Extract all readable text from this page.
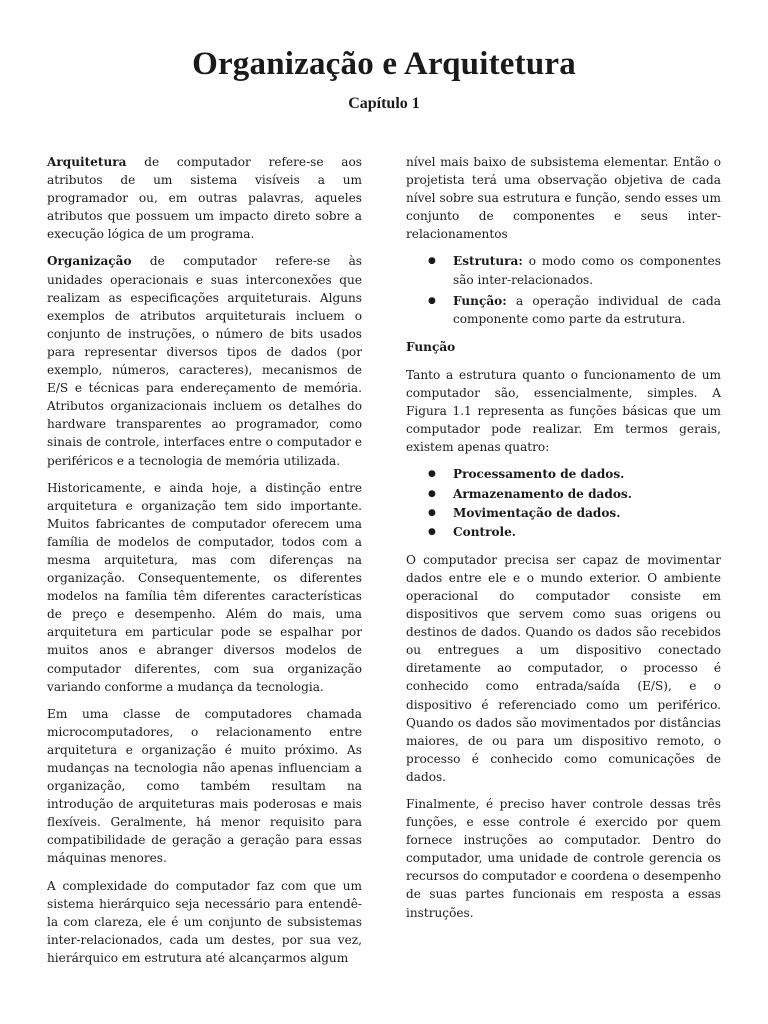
Organização e Arquitetura
Capítulo 1

Arquitetura de computador refere-se aos atributos de um sistema visíveis a um programador ou, em outras palavras, aqueles atributos que possuem um impacto direto sobre a execução lógica de um programa.

Organização de computador refere-se às unidades operacionais e suas interconexões que realizam as especificações arquiteturais. Alguns exemplos de atributos arquiteturais incluem o conjunto de instruções, o número de bits usados para representar diversos tipos de dados (por exemplo, números, caracteres), mecanismos de E/S e técnicas para endereçamento de memória. Atributos organizacionais incluem os detalhes do hardware transparentes ao programador, como sinais de controle, interfaces entre o computador e periféricos e a tecnologia de memória utilizada.

Historicamente, e ainda hoje, a distinção entre arquitetura e organização tem sido importante. Muitos fabricantes de computador oferecem uma família de modelos de computador, todos com a mesma arquitetura, mas com diferenças na organização. Consequentemente, os diferentes modelos na família têm diferentes características de preço e desempenho. Além do mais, uma arquitetura em particular pode se espalhar por muitos anos e abranger diversos modelos de computador diferentes, com sua organização variando conforme a mudança da tecnologia.

Em uma classe de computadores chamada microcomputadores, o relacionamento entre arquitetura e organização é muito próximo. As mudanças na tecnologia não apenas influenciam a organização, como também resultam na introdução de arquiteturas mais poderosas e mais flexíveis. Geralmente, há menor requisito para compatibilidade de geração a geração para essas máquinas menores.

A complexidade do computador faz com que um sistema hierárquico seja necessário para entendê-la com clareza, ele é um conjunto de subsistemas inter-relacionados, cada um destes, por sua vez, hierárquico em estrutura até alcançarmos algum

nível mais baixo de subsistema elementar. Então o projetista terá uma observação objetiva de cada nível sobre sua estrutura e função, sendo esses um conjunto de componentes e seus inter-relacionamentos

● Estrutura: o modo como os componentes são inter-relacionados.
● Função: a operação individual de cada componente como parte da estrutura.
Função

Tanto a estrutura quanto o funcionamento de um computador são, essencialmente, simples. A Figura 1.1 representa as funções básicas que um computador pode realizar. Em termos gerais, existem apenas quatro:

● Processamento de dados.
● Armazenamento de dados.
● Movimentação de dados.
● Controle.

O computador precisa ser capaz de movimentar dados entre ele e o mundo exterior. O ambiente operacional do computador consiste em dispositivos que servem como suas origens ou destinos de dados. Quando os dados são recebidos ou entregues a um dispositivo conectado diretamente ao computador, o processo é conhecido como entrada/saída (E/S), e o dispositivo é referenciado como um periférico. Quando os dados são movimentados por distâncias maiores, de ou para um dispositivo remoto, o processo é conhecido como comunicações de dados.

Finalmente, é preciso haver controle dessas três funções, e esse controle é exercido por quem fornece instruções ao computador. Dentro do computador, uma unidade de controle gerencia os recursos do computador e coordena o desempenho de suas partes funcionais em resposta a essas instruções.
